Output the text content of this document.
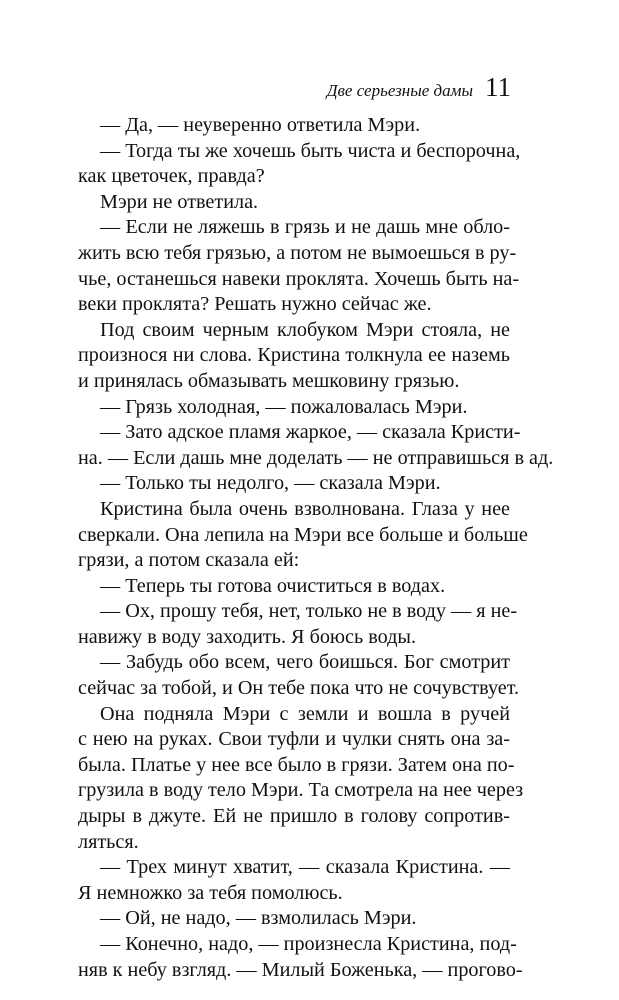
Две серьезные дамы 11
— Да, — неуверенно ответила Мэри.
— Тогда ты же хочешь быть чиста и беспорочна,
как цветочек, правда?
Мэри не ответила.
— Если не ляжешь в грязь и не дашь мне обло-
жить всю тебя грязью, а потом не вымоешься в ру-
чье, останешься навеки проклята. Хочешь быть на-
веки проклята? Решать нужно сейчас же.
Под своим черным клобуком Мэри стояла, не
произнося ни слова. Кристина толкнула ее наземь
и принялась обмазывать мешковину грязью.
— Грязь холодная, — пожаловалась Мэри.
— Зато адское пламя жаркое, — сказала Кристи-
на. — Если дашь мне доделать — не отправишься в ад.
— Только ты недолго, — сказала Мэри.
Кристина была очень взволнована. Глаза у нее
сверкали. Она лепила на Мэри все больше и больше
грязи, а потом сказала ей:
— Теперь ты готова очиститься в водах.
— Ох, прошу тебя, нет, только не в воду — я не-
навижу в воду заходить. Я боюсь воды.
— Забудь обо всем, чего боишься. Бог смотрит
сейчас за тобой, и Он тебе пока что не сочувствует.
Она подняла Мэри с земли и вошла в ручей
с нею на руках. Свои туфли и чулки снять она за-
была. Платье у нее все было в грязи. Затем она по-
грузила в воду тело Мэри. Та смотрела на нее через
дыры в джуте. Ей не пришло в голову сопротив-
ляться.
— Трех минут хватит, — сказала Кристина. —
Я немножко за тебя помолюсь.
— Ой, не надо, — взмолилась Мэри.
— Конечно, надо, — произнесла Кристина, под-
няв к небу взгляд. — Милый Боженька, — прогово-
